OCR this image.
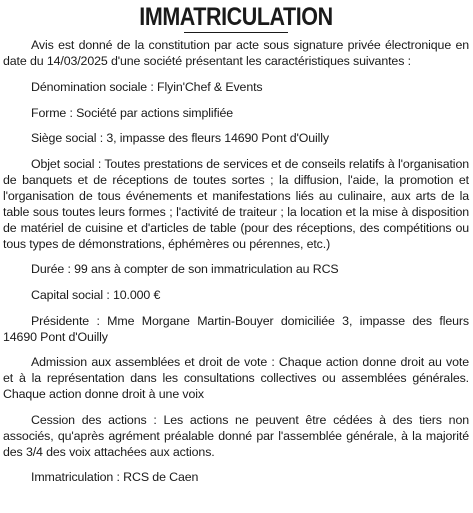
IMMATRICULATION

Avis est donné de la constitution par acte sous signature privée électronique en date du 14/03/2025 d'une société présentant les caractéristiques suivantes :

Dénomination sociale : Flyin'Chef & Events

Forme : Société par actions simplifiée

Siège social : 3, impasse des fleurs 14690 Pont d'Ouilly

Objet social : Toutes prestations de services et de conseils relatifs à l'organisation de banquets et de réceptions de toutes sortes ; la diffusion, l'aide, la promotion et l'organisation de tous événements et manifestations liés au culinaire, aux arts de la table sous toutes leurs formes ; l'activité de traiteur ; la location et la mise à disposition de matériel de cuisine et d'articles de table (pour des réceptions, des compétitions ou tous types de démonstrations, éphémères ou pérennes, etc.)

Durée : 99 ans à compter de son immatriculation au RCS

Capital social : 10.000 €

Présidente : Mme Morgane Martin-Bouyer domiciliée 3, impasse des fleurs 14690 Pont d'Ouilly

Admission aux assemblées et droit de vote : Chaque action donne droit au vote et à la représentation dans les consultations collectives ou assemblées générales. Chaque action donne droit à une voix

Cession des actions : Les actions ne peuvent être cédées à des tiers non associés, qu'après agrément préalable donné par l'assemblée générale, à la majorité des 3/4 des voix attachées aux actions.

Immatriculation : RCS de Caen
